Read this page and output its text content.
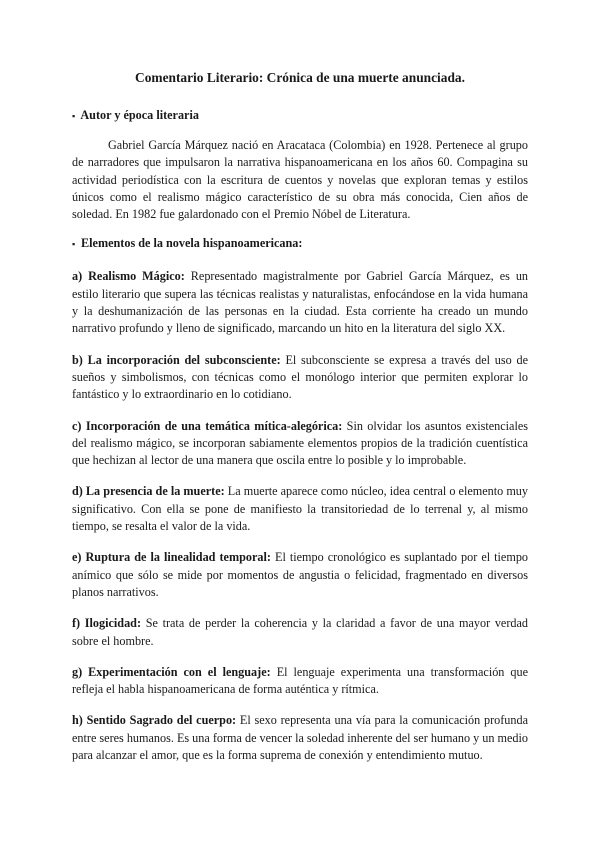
Comentario Literario: Crónica de una muerte anunciada.

▪ Autor y época literaria

Gabriel García Márquez nació en Aracataca (Colombia) en 1928. Pertenece al grupo de narradores que impulsaron la narrativa hispanoamericana en los años 60. Compagina su actividad periodística con la escritura de cuentos y novelas que exploran temas y estilos únicos como el realismo mágico característico de su obra más conocida, Cien años de soledad. En 1982 fue galardonado con el Premio Nóbel de Literatura.

▪ Elementos de la novela hispanoamericana:

a) Realismo Mágico: Representado magistralmente por Gabriel García Márquez, es un estilo literario que supera las técnicas realistas y naturalistas, enfocándose en la vida humana y la deshumanización de las personas en la ciudad. Esta corriente ha creado un mundo narrativo profundo y lleno de significado, marcando un hito en la literatura del siglo XX.

b) La incorporación del subconsciente: El subconsciente se expresa a través del uso de sueños y simbolismos, con técnicas como el monólogo interior que permiten explorar lo fantástico y lo extraordinario en lo cotidiano.

c) Incorporación de una temática mítica-alegórica: Sin olvidar los asuntos existenciales del realismo mágico, se incorporan sabiamente elementos propios de la tradición cuentística que hechizan al lector de una manera que oscila entre lo posible y lo improbable.

d) La presencia de la muerte: La muerte aparece como núcleo, idea central o elemento muy significativo. Con ella se pone de manifiesto la transitoriedad de lo terrenal y, al mismo tiempo, se resalta el valor de la vida.

e) Ruptura de la linealidad temporal: El tiempo cronológico es suplantado por el tiempo anímico que sólo se mide por momentos de angustia o felicidad, fragmentado en diversos planos narrativos.

f) Ilogicidad: Se trata de perder la coherencia y la claridad a favor de una mayor verdad sobre el hombre.

g) Experimentación con el lenguaje: El lenguaje experimenta una transformación que refleja el habla hispanoamericana de forma auténtica y rítmica.

h) Sentido Sagrado del cuerpo: El sexo representa una vía para la comunicación profunda entre seres humanos. Es una forma de vencer la soledad inherente del ser humano y un medio para alcanzar el amor, que es la forma suprema de conexión y entendimiento mutuo.
